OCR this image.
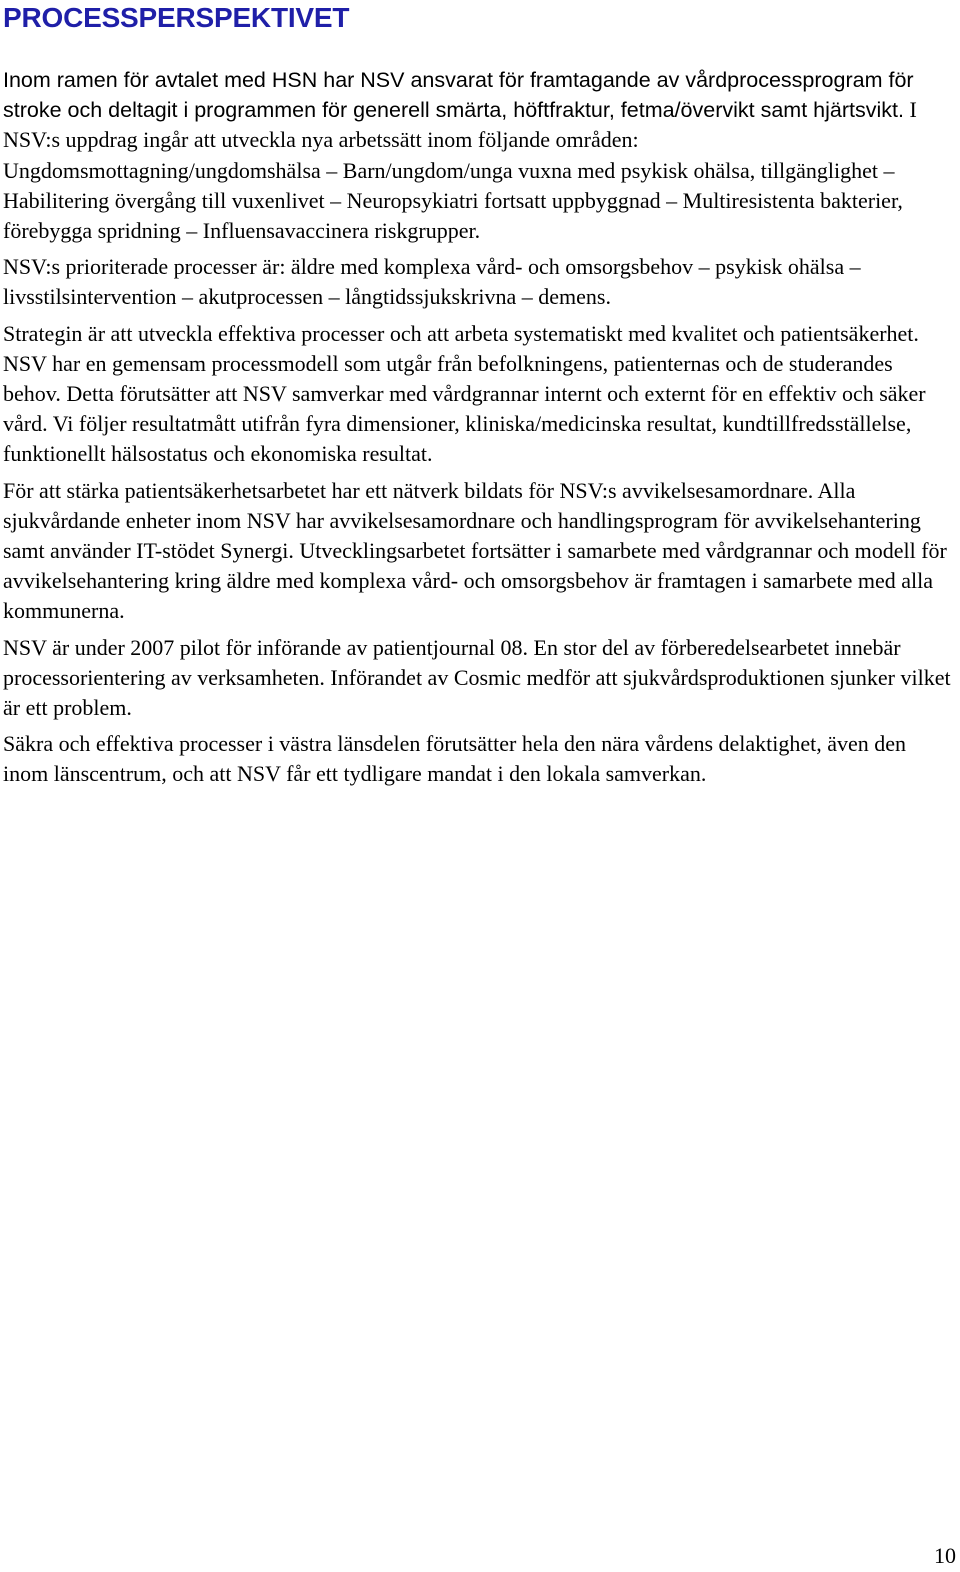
PROCESSPERSPEKTIVET

Inom ramen för avtalet med HSN har NSV ansvarat för framtagande av vårdprocessprogram för stroke och deltagit i programmen för generell smärta, höftfraktur, fetma/övervikt samt hjärtsvikt. I NSV:s uppdrag ingår att utveckla nya arbetssätt inom följande områden: Ungdomsmottagning/ungdomshälsa – Barn/ungdom/unga vuxna med psykisk ohälsa, tillgänglighet – Habilitering övergång till vuxenlivet – Neuropsykiatri fortsatt uppbyggnad – Multiresistenta bakterier, förebygga spridning – Influensavaccinera riskgrupper.

NSV:s prioriterade processer är: äldre med komplexa vård- och omsorgsbehov – psykisk ohälsa – livsstilsintervention – akutprocessen – långtidssjukskrivna – demens.

Strategin är att utveckla effektiva processer och att arbeta systematiskt med kvalitet och patientsäkerhet. NSV har en gemensam processmodell som utgår från befolkningens, patienternas och de studerandes behov. Detta förutsätter att NSV samverkar med vårdgrannar internt och externt för en effektiv och säker vård. Vi följer resultatmått utifrån fyra dimensioner, kliniska/medicinska resultat, kundtillfredsställelse, funktionellt hälsostatus och ekonomiska resultat.

För att stärka patientsäkerhetsarbetet har ett nätverk bildats för NSV:s avvikelsesamordnare. Alla sjukvårdande enheter inom NSV har avvikelsesamordnare och handlingsprogram för avvikelsehantering samt använder IT-stödet Synergi. Utvecklingsarbetet fortsätter i samarbete med vårdgrannar och modell för avvikelsehantering kring äldre med komplexa vård- och omsorgsbehov är framtagen i samarbete med alla kommunerna.

NSV är under 2007 pilot för införande av patientjournal 08. En stor del av förberedelsearbetet innebär processorientering av verksamheten. Införandet av Cosmic medför att sjukvårdsproduktionen sjunker vilket är ett problem.

Säkra och effektiva processer i västra länsdelen förutsätter hela den nära vårdens delaktighet, även den inom länscentrum, och att NSV får ett tydligare mandat i den lokala samverkan.

10
